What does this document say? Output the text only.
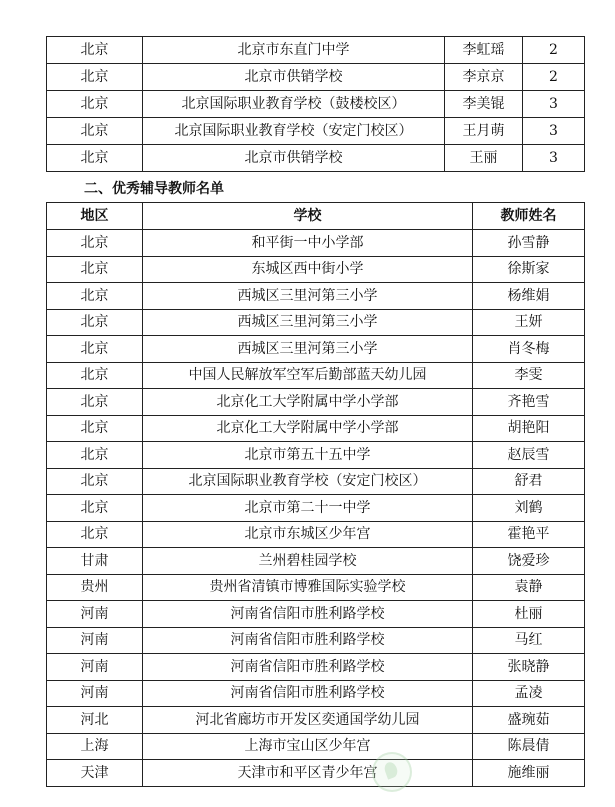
北京	北京市东直门中学	李虹瑶	2
北京	北京市供销学校	李京京	2
北京	北京国际职业教育学校（鼓楼校区）	李美锟	3
北京	北京国际职业教育学校（安定门校区）	王月萌	3
北京	北京市供销学校	王丽	3
二、优秀辅导教师名单
地区	学校	教师姓名
北京	和平街一中小学部	孙雪静
北京	东城区西中街小学	徐斯家
北京	西城区三里河第三小学	杨维娟
北京	西城区三里河第三小学	王妍
北京	西城区三里河第三小学	肖冬梅
北京	中国人民解放军空军后勤部蓝天幼儿园	李雯
北京	北京化工大学附属中学小学部	齐艳雪
北京	北京化工大学附属中学小学部	胡艳阳
北京	北京市第五十五中学	赵辰雪
北京	北京国际职业教育学校（安定门校区）	舒君
北京	北京市第二十一中学	刘鹤
北京	北京市东城区少年宫	霍艳平
甘肃	兰州碧桂园学校	饶爱珍
贵州	贵州省清镇市博雅国际实验学校	袁静
河南	河南省信阳市胜利路学校	杜丽
河南	河南省信阳市胜利路学校	马红
河南	河南省信阳市胜利路学校	张晓静
河南	河南省信阳市胜利路学校	孟凌
河北	河北省廊坊市开发区奕通国学幼儿园	盛琬茹
上海	上海市宝山区少年宫	陈晨倩
天津	天津市和平区青少年宫	施维丽
